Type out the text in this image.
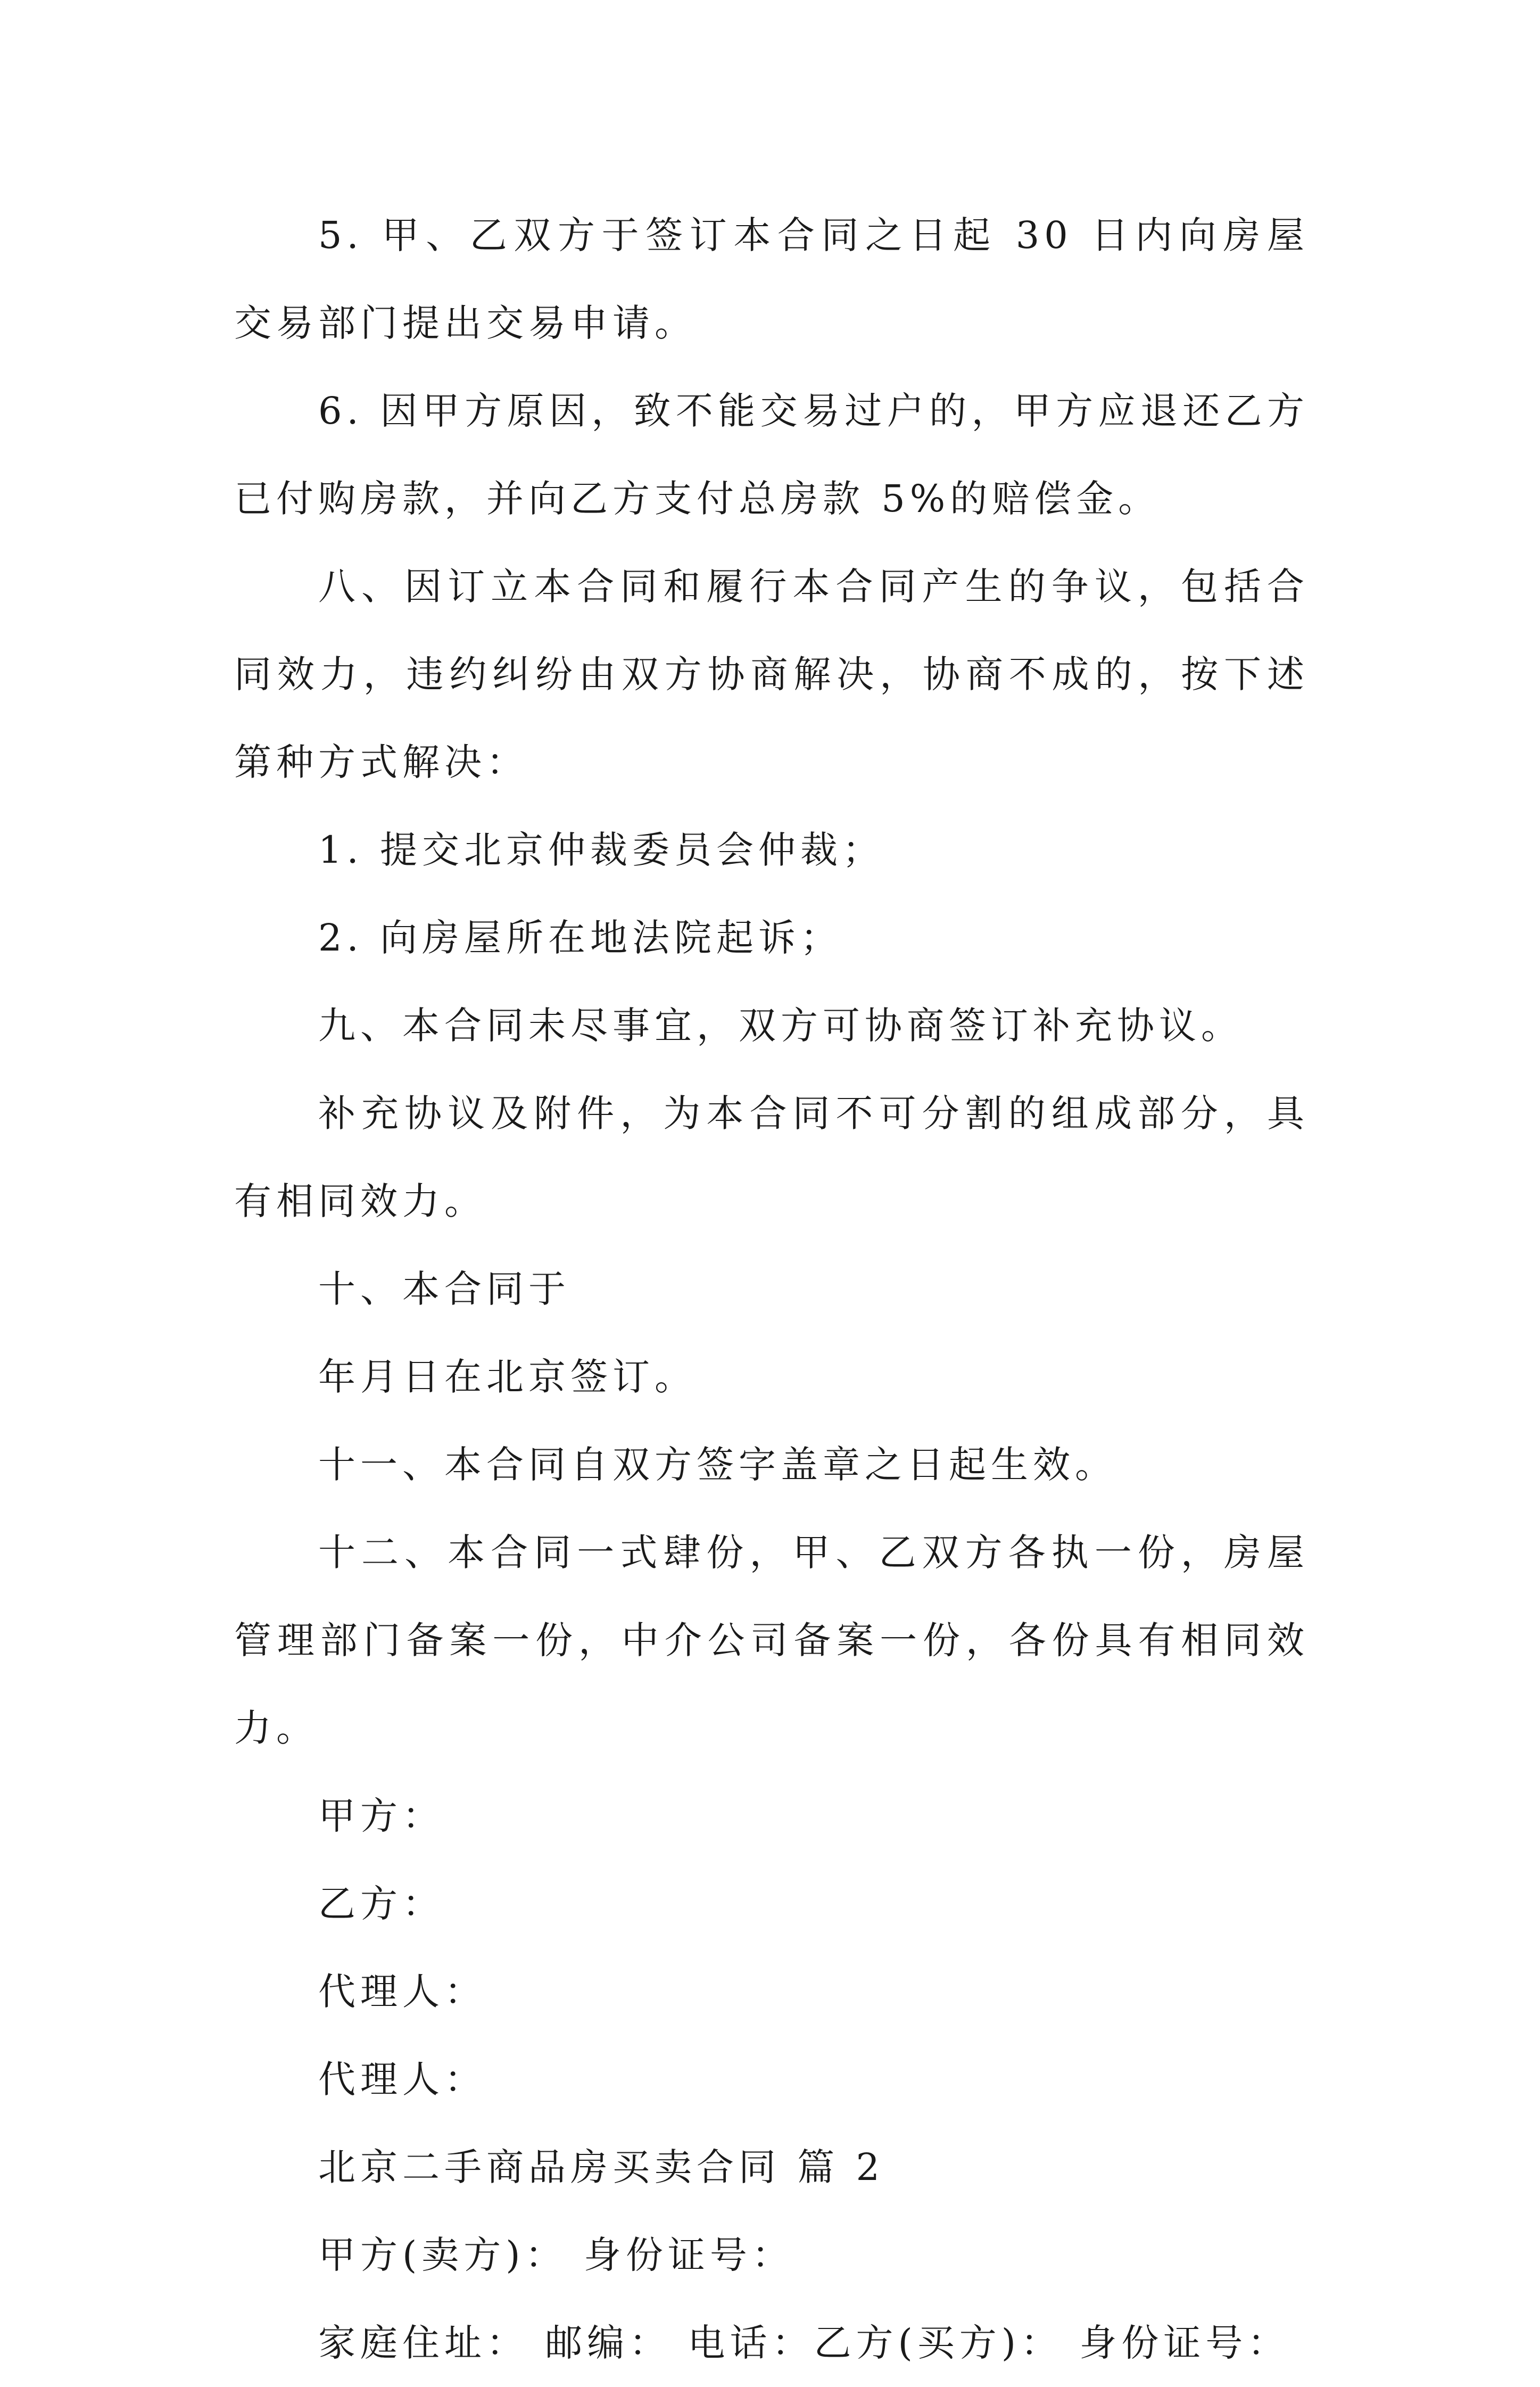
5. 甲、乙双方于签订本合同之日起 30 日内向房屋交易部门提出交易申请。

6. 因甲方原因，致不能交易过户的，甲方应退还乙方已付购房款，并向乙方支付总房款 5%的赔偿金。

八、因订立本合同和履行本合同产生的争议，包括合同效力，违约纠纷由双方协商解决，协商不成的，按下述第种方式解决：

1. 提交北京仲裁委员会仲裁；

2. 向房屋所在地法院起诉；

九、本合同未尽事宜，双方可协商签订补充协议。

补充协议及附件，为本合同不可分割的组成部分，具有相同效力。

十、本合同于

年月日在北京签订。

十一、本合同自双方签字盖章之日起生效。

十二、本合同一式肆份，甲、乙双方各执一份，房屋管理部门备案一份，中介公司备案一份，各份具有相同效力。

甲方：

乙方：

代理人：

代理人：

北京二手商品房买卖合同 篇 2

甲方(卖方)： 身份证号：

家庭住址： 邮编： 电话：乙方(买方)： 身份证号：
